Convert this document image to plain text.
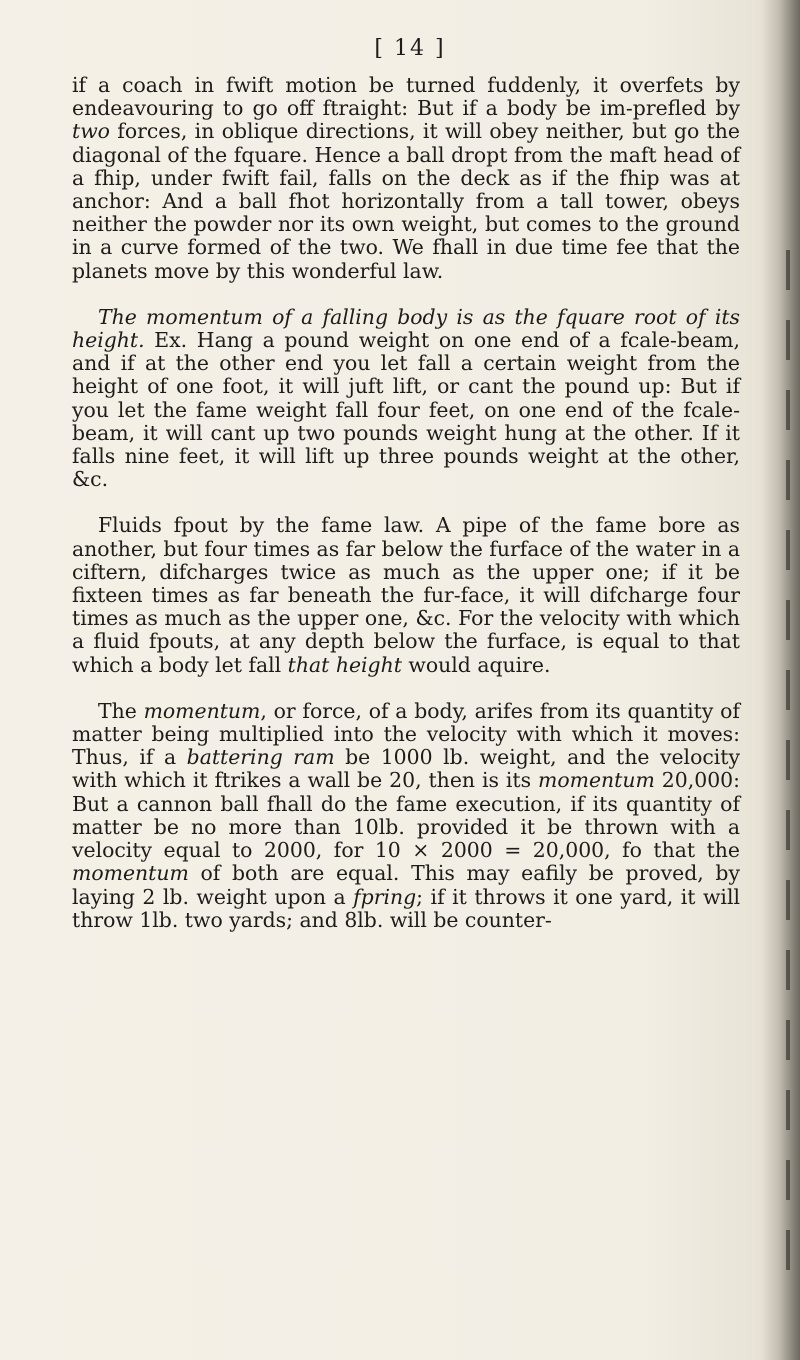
[ 14 ]

if a coach in fwift motion be turned fuddenly, it overfets by endeavouring to go off ftraight: But if a body be im-prefled by two forces, in oblique directions, it will obey neither, but go the diagonal of the fquare. Hence a ball dropt from the maft head of a fhip, under fwift fail, falls on the deck as if the fhip was at anchor: And a ball fhot horizontally from a tall tower, obeys neither the powder nor its own weight, but comes to the ground in a curve formed of the two. We fhall in due time fee that the planets move by this wonderful law.

The momentum of a falling body is as the fquare root of its height. Ex. Hang a pound weight on one end of a fcale-beam, and if at the other end you let fall a certain weight from the height of one foot, it will juft lift, or cant the pound up: But if you let the fame weight fall four feet, on one end of the fcale-beam, it will cant up two pounds weight hung at the other. If it falls nine feet, it will lift up three pounds weight at the other, &c.

Fluids fpout by the fame law. A pipe of the fame bore as another, but four times as far below the furface of the water in a ciftern, difcharges twice as much as the upper one; if it be fixteen times as far beneath the fur-face, it will difcharge four times as much as the upper one, &c. For the velocity with which a fluid fpouts, at any depth below the furface, is equal to that which a body let fall that height would aquire.

The momentum, or force, of a body, arifes from its quantity of matter being multiplied into the velocity with which it moves: Thus, if a battering ram be 1000 lb. weight, and the velocity with which it ftrikes a wall be 20, then is its momentum 20,000: But a cannon ball fhall do the fame execution, if its quantity of matter be no more than 10lb. provided it be thrown with a velocity equal to 2000, for 10 × 2000 = 20,000, fo that the momentum of both are equal. This may eafily be proved, by laying 2 lb. weight upon a fpring; if it throws it one yard, it will throw 1lb. two yards; and 8lb. will be counter-
